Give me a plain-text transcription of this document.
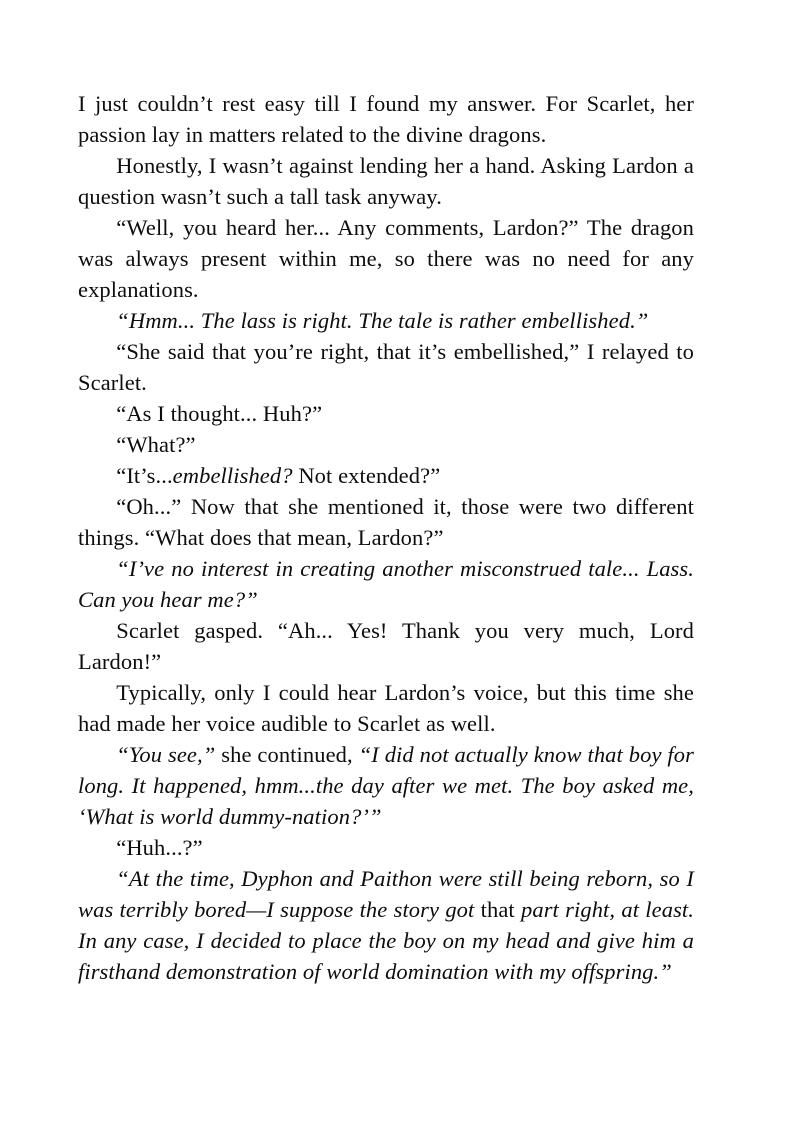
I just couldn’t rest easy till I found my answer. For Scarlet, her passion lay in matters related to the divine dragons.

Honestly, I wasn’t against lending her a hand. Asking Lardon a question wasn’t such a tall task anyway.

“Well, you heard her... Any comments, Lardon?” The dragon was always present within me, so there was no need for any explanations.

“Hmm... The lass is right. The tale is rather embellished.”

“She said that you’re right, that it’s embellished,” I relayed to Scarlet.

“As I thought... Huh?”

“What?”

“It’s...embellished? Not extended?”

“Oh...” Now that she mentioned it, those were two different things. “What does that mean, Lardon?”

“I’ve no interest in creating another misconstrued tale... Lass. Can you hear me?”

Scarlet gasped. “Ah... Yes! Thank you very much, Lord Lardon!”

Typically, only I could hear Lardon’s voice, but this time she had made her voice audible to Scarlet as well.

“You see,” she continued, “I did not actually know that boy for long. It happened, hmm...the day after we met. The boy asked me, ‘What is world dummy-nation?’”

“Huh...?”

“At the time, Dyphon and Paithon were still being reborn, so I was terribly bored—I suppose the story got that part right, at least. In any case, I decided to place the boy on my head and give him a firsthand demonstration of world domination with my offspring.”
